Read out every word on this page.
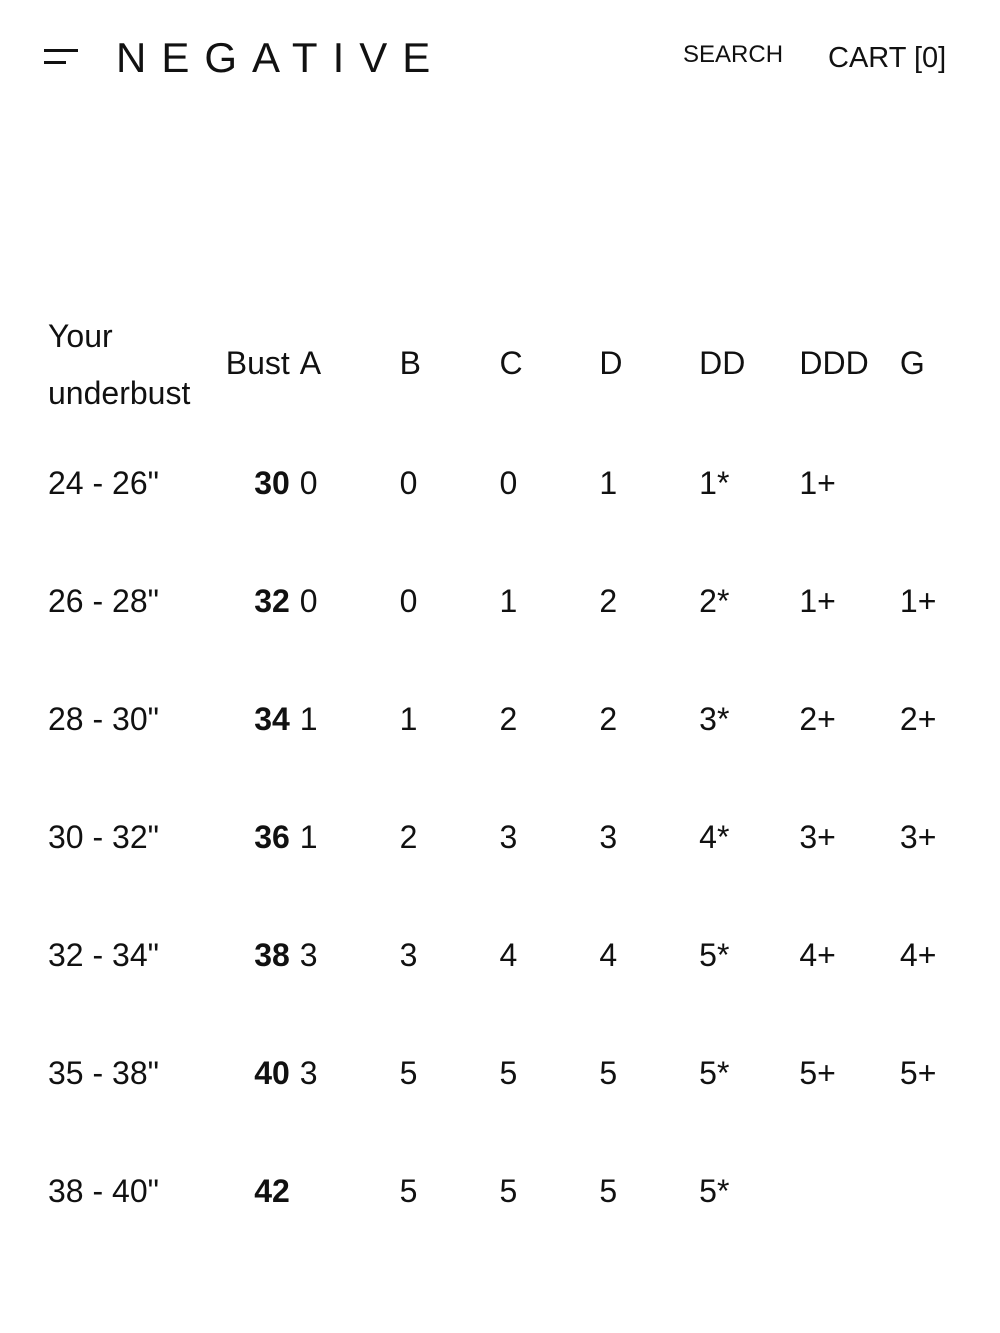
NEGATIVE	SEARCH CART [0]
Your underbust	Bust	A	B	C	D	DD	DDD	G
24 - 26"	30	0	0	0	1	1*	1+	
26 - 28"	32	0	0	1	2	2*	1+	1+
28 - 30"	34	1	1	2	2	3*	2+	2+
30 - 32"	36	1	2	3	3	4*	3+	3+
32 - 34"	38	3	3	4	4	5*	4+	4+
35 - 38"	40	3	5	5	5	5*	5+	5+
38 - 40"	42		5	5	5	5*		
